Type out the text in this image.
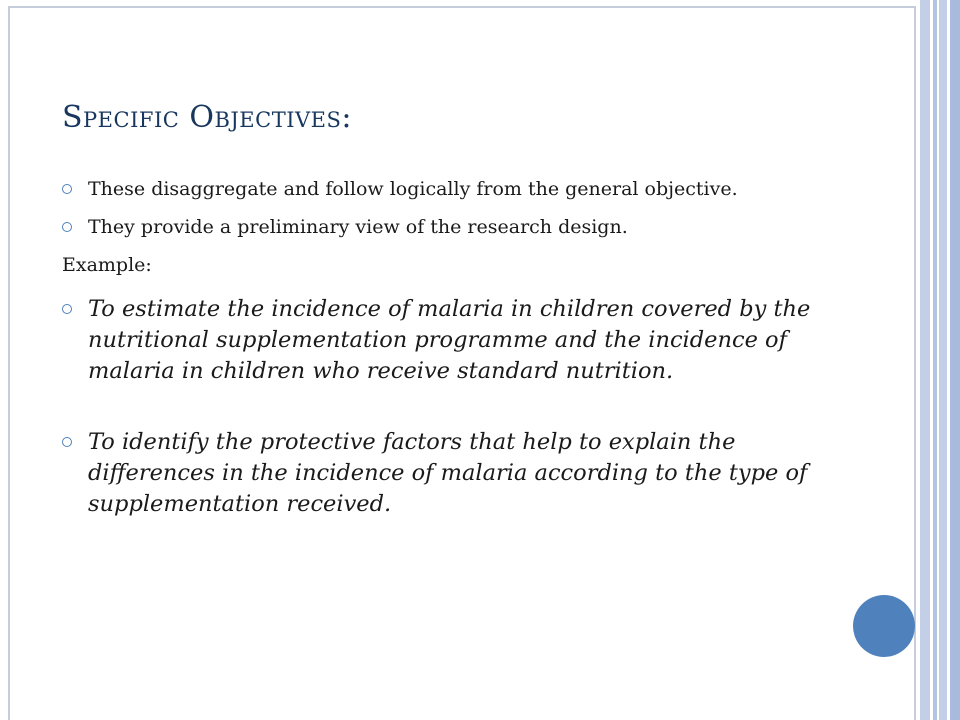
Specific Objectives:
These disaggregate and follow logically from the general objective.
They provide a preliminary view of the research design.
Example:
To estimate the incidence of malaria in children covered by the nutritional supplementation programme and the incidence of malaria in children who receive standard nutrition.
To identify the protective factors that help to explain the differences in the incidence of malaria according to the type of supplementation received.
